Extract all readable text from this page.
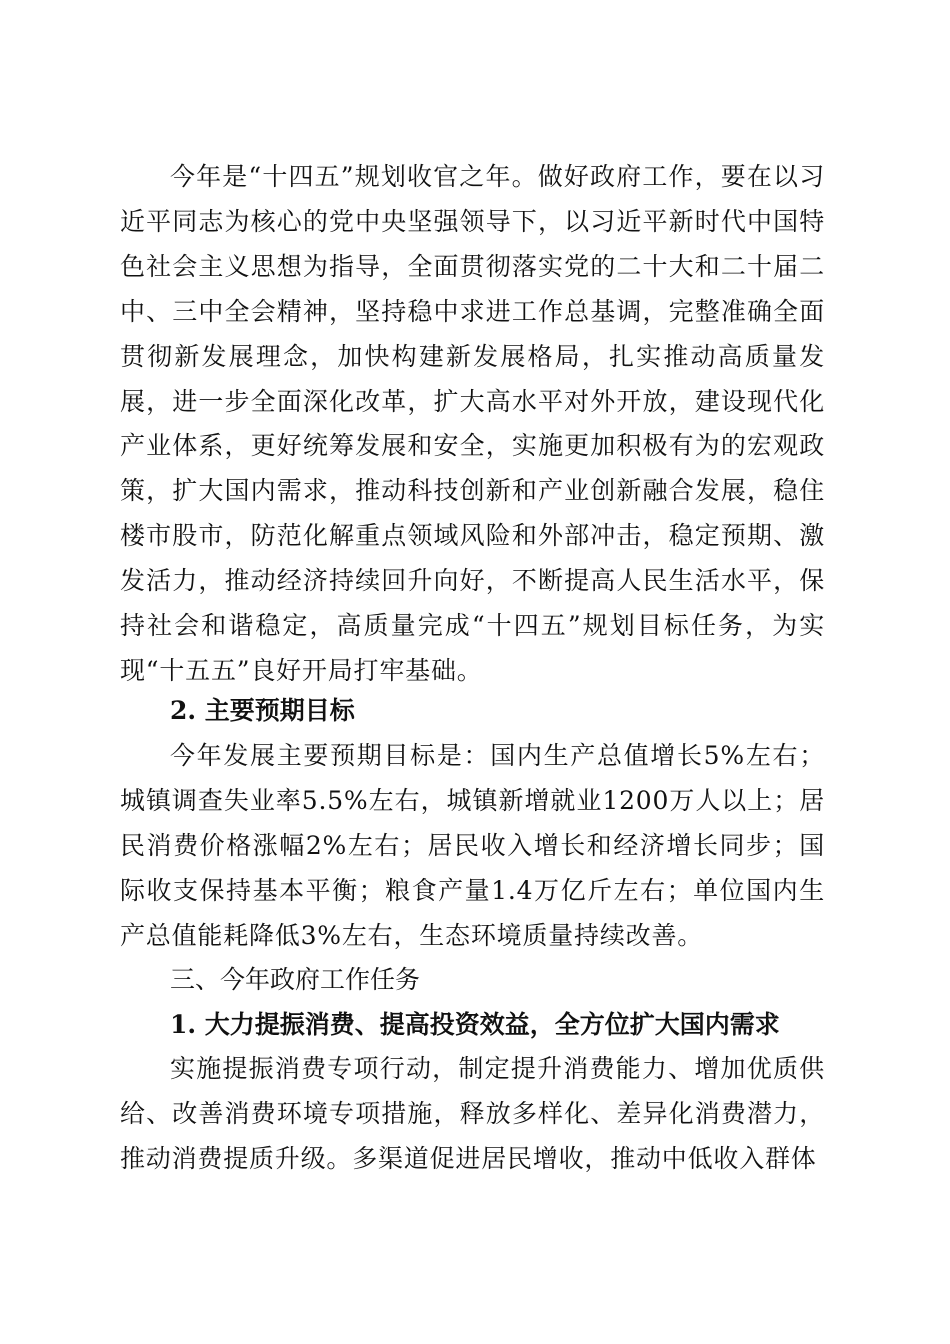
今年是“十四五”规划收官之年。做好政府工作，要在以习近平同志为核心的党中央坚强领导下，以习近平新时代中国特色社会主义思想为指导，全面贯彻落实党的二十大和二十届二中、三中全会精神，坚持稳中求进工作总基调，完整准确全面贯彻新发展理念，加快构建新发展格局，扎实推动高质量发展，进一步全面深化改革，扩大高水平对外开放，建设现代化产业体系，更好统筹发展和安全，实施更加积极有为的宏观政策，扩大国内需求，推动科技创新和产业创新融合发展，稳住楼市股市，防范化解重点领域风险和外部冲击，稳定预期、激发活力，推动经济持续回升向好，不断提高人民生活水平，保持社会和谐稳定，高质量完成“十四五”规划目标任务，为实现“十五五”良好开局打牢基础。

2. 主要预期目标

今年发展主要预期目标是：国内生产总值增长5%左右；城镇调查失业率5.5%左右，城镇新增就业1200万人以上；居民消费价格涨幅2%左右；居民收入增长和经济增长同步；国际收支保持基本平衡；粮食产量1.4万亿斤左右；单位国内生产总值能耗降低3%左右，生态环境质量持续改善。

三、今年政府工作任务

1. 大力提振消费、提高投资效益，全方位扩大国内需求

实施提振消费专项行动，制定提升消费能力、增加优质供给、改善消费环境专项措施，释放多样化、差异化消费潜力，推动消费提质升级。多渠道促进居民增收，推动中低收入群体
